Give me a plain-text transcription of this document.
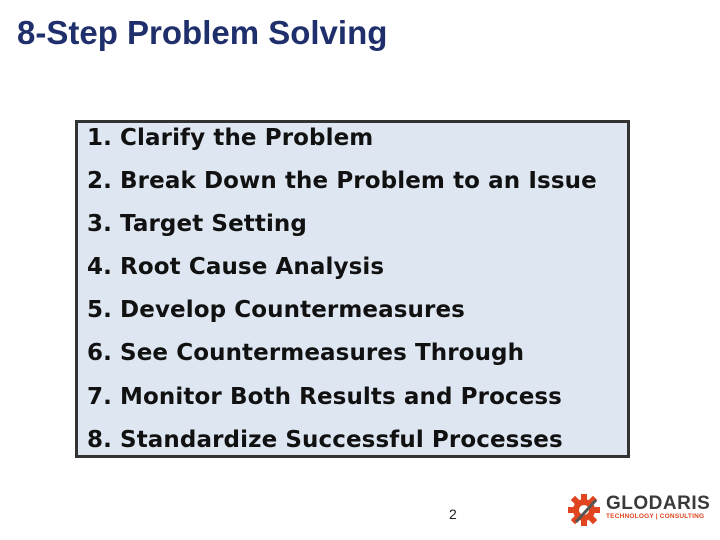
8-Step Problem Solving
1. Clarify the Problem
2. Break Down the Problem to an Issue
3. Target Setting
4. Root Cause Analysis
5. Develop Countermeasures
6. See Countermeasures Through
7. Monitor Both Results and Process
8. Standardize Successful Processes
2	GLODARIS
TECHNOLOGY | CONSULTING
